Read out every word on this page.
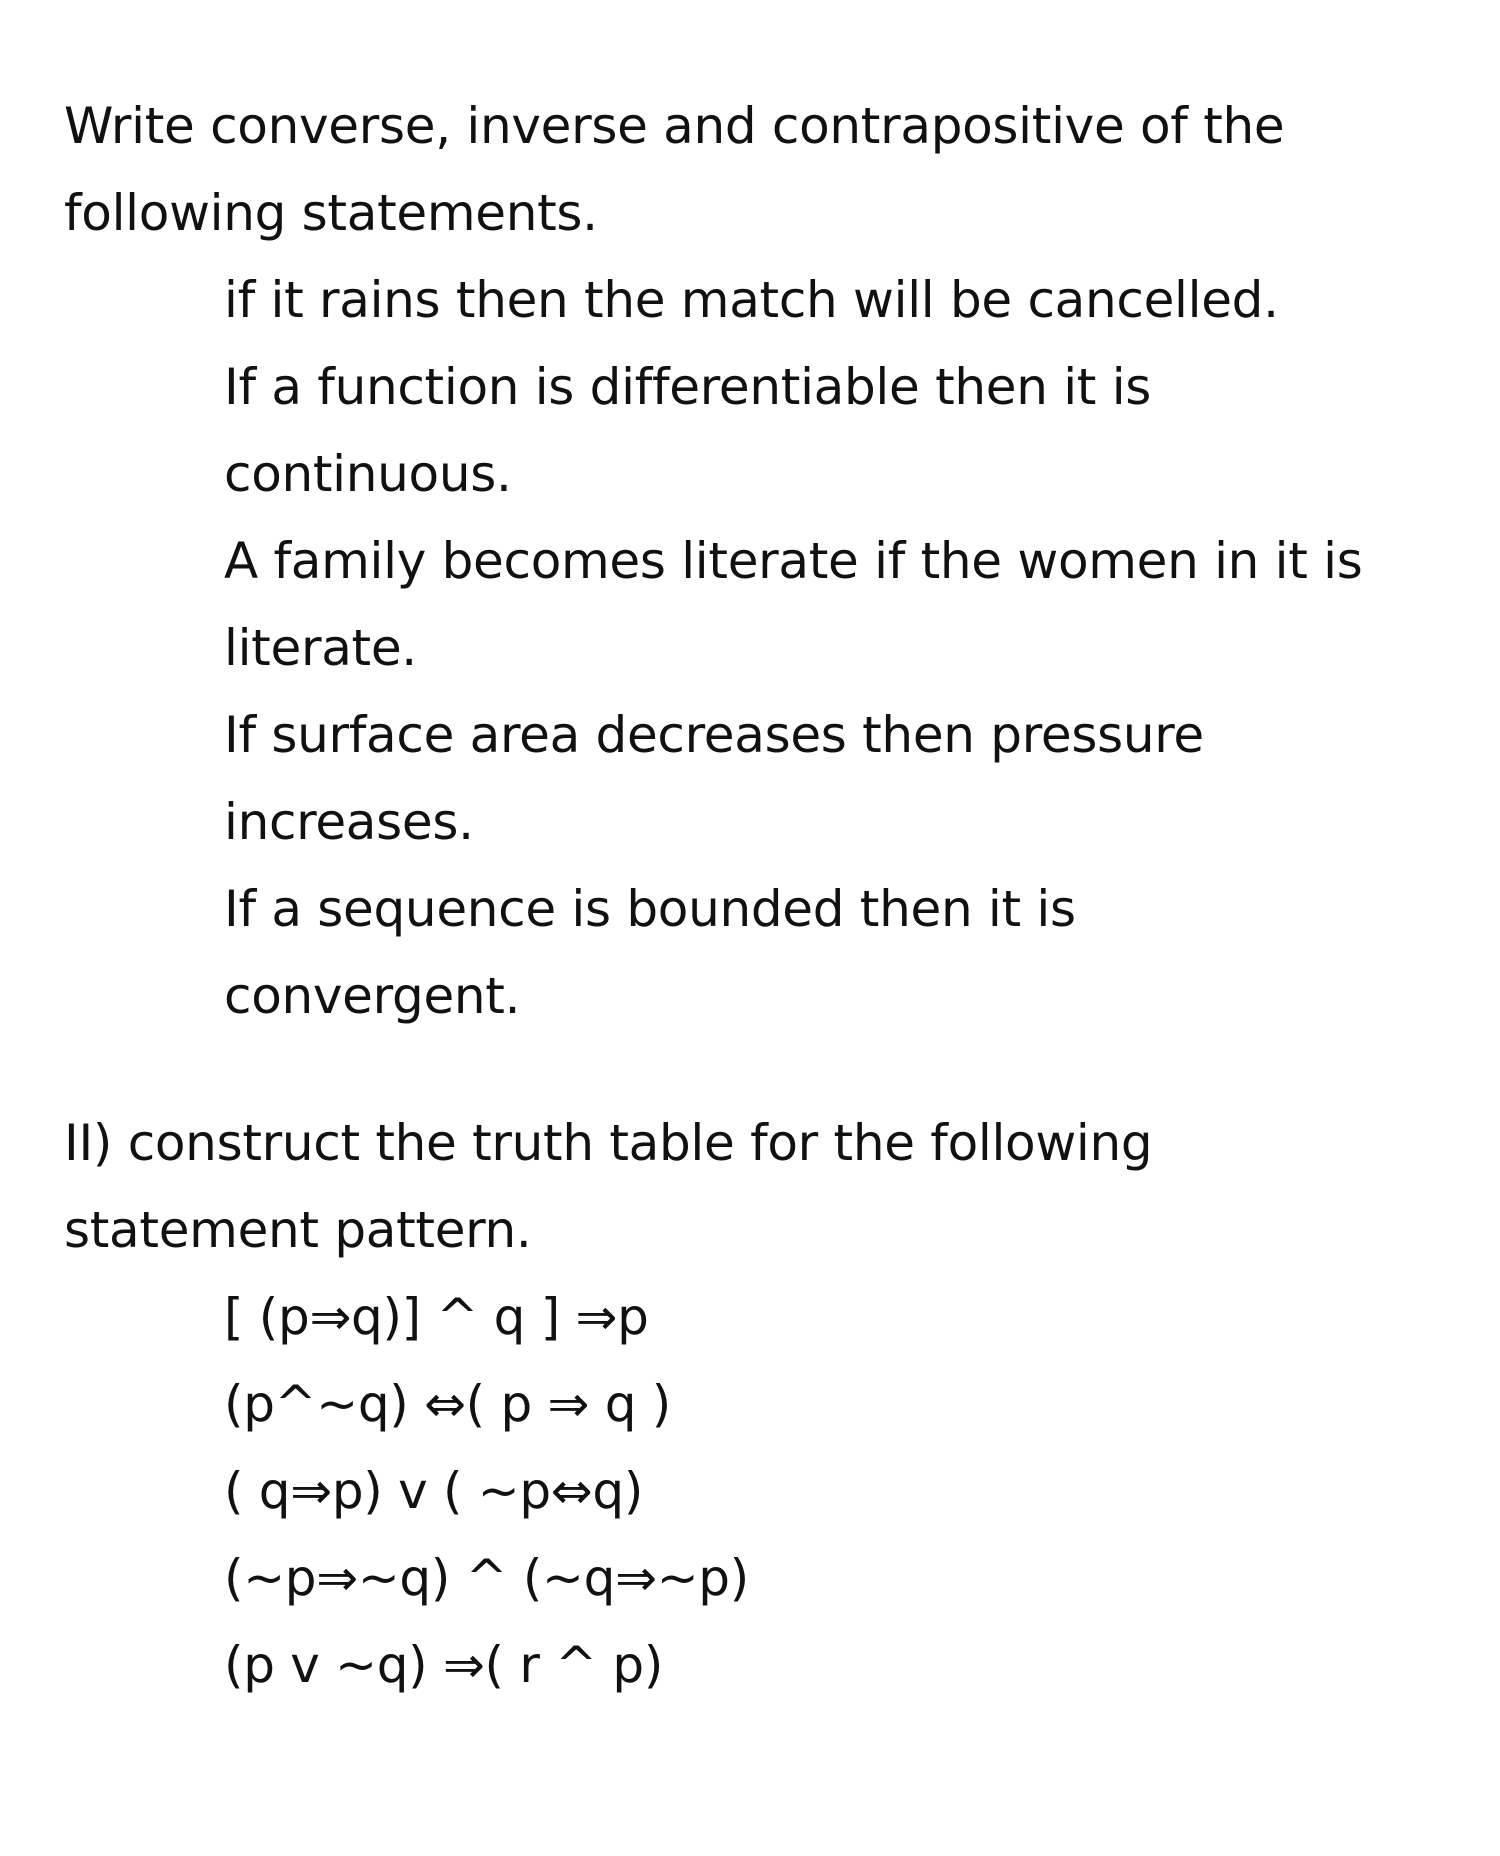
Write converse, inverse and contrapositive of the
following statements.
if it rains then the match will be cancelled.
If a function is differentiable then it is
continuous.
A family becomes literate if the women in it is
literate.
If surface area decreases then pressure
increases.
If a sequence is bounded then it is
convergent.
II) construct the truth table for the following
statement pattern.
[ (p⇒q)] ^ q ] ⇒p
(p^~q) ⇔( p ⇒ q )
( q⇒p) v ( ~p⇔q)
(~p⇒~q) ^ (~q⇒~p)
(p v ~q) ⇒( r ^ p)
